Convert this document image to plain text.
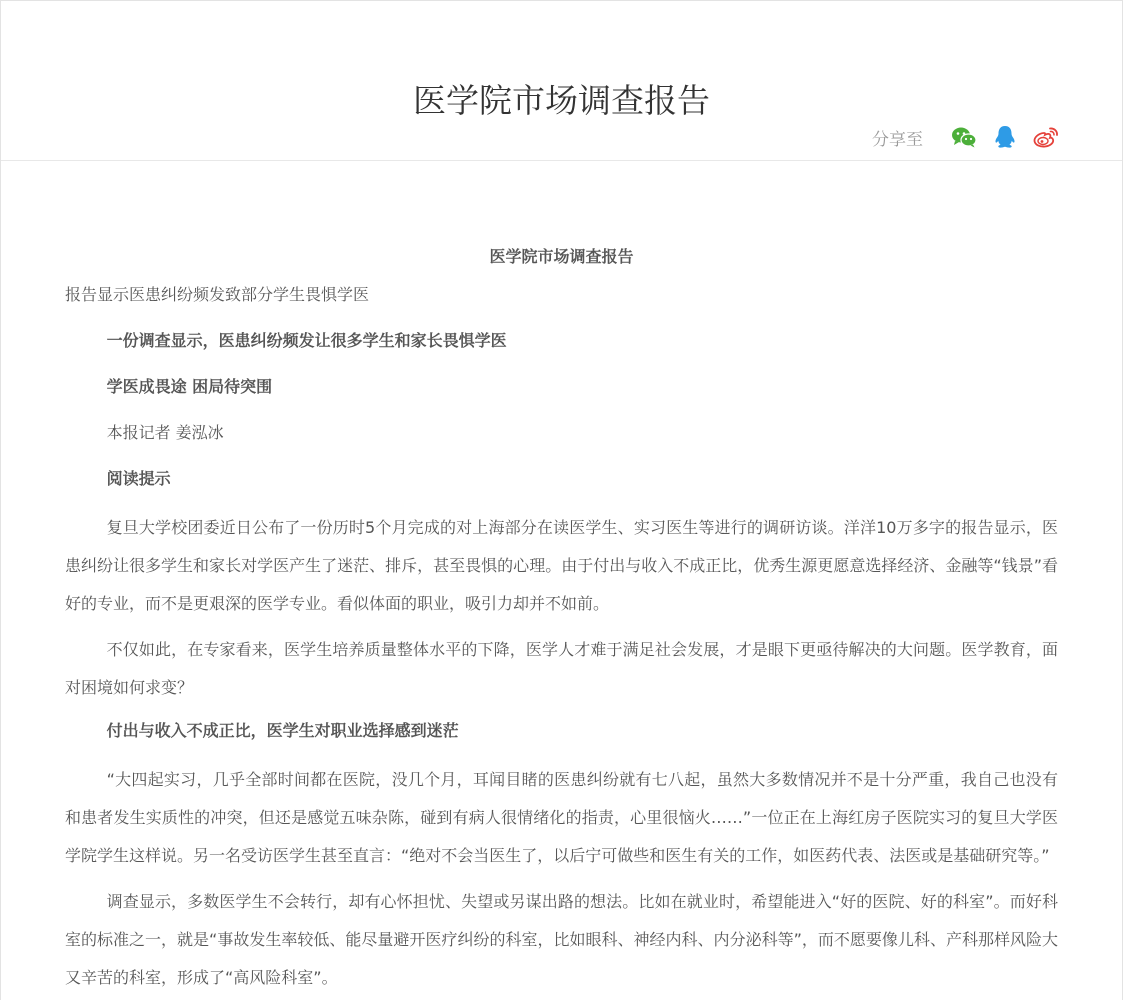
医学院市场调查报告
分享至

医学院市场调查报告

报告显示医患纠纷频发致部分学生畏惧学医

一份调查显示，医患纠纷频发让很多学生和家长畏惧学医

学医成畏途 困局待突围

本报记者 姜泓冰

阅读提示

复旦大学校团委近日公布了一份历时5个月完成的对上海部分在读医学生、实习医生等进行的调研访谈。洋洋10万多字的报告显示，医患纠纷让很多学生和家长对学医产生了迷茫、排斥，甚至畏惧的心理。由于付出与收入不成正比，优秀生源更愿意选择经济、金融等“钱景”看好的专业，而不是更艰深的医学专业。看似体面的职业，吸引力却并不如前。

不仅如此，在专家看来，医学生培养质量整体水平的下降，医学人才难于满足社会发展，才是眼下更亟待解决的大问题。医学教育，面对困境如何求变？

付出与收入不成正比，医学生对职业选择感到迷茫

“大四起实习，几乎全部时间都在医院，没几个月，耳闻目睹的医患纠纷就有七八起，虽然大多数情况并不是十分严重，我自己也没有和患者发生实质性的冲突，但还是感觉五味杂陈，碰到有病人很情绪化的指责，心里很恼火……”一位正在上海红房子医院实习的复旦大学医学院学生这样说。另一名受访医学生甚至直言：“绝对不会当医生了，以后宁可做些和医生有关的工作，如医药代表、法医或是基础研究等。”

调查显示，多数医学生不会转行，却有心怀担忧、失望或另谋出路的想法。比如在就业时，希望能进入“好的医院、好的科室”。而好科室的标准之一，就是“事故发生率较低、能尽量避开医疗纠纷的科室，比如眼科、神经内科、内分泌科等”，而不愿要像儿科、产科那样风险大又辛苦的科室，形成了“高风险科室”。
